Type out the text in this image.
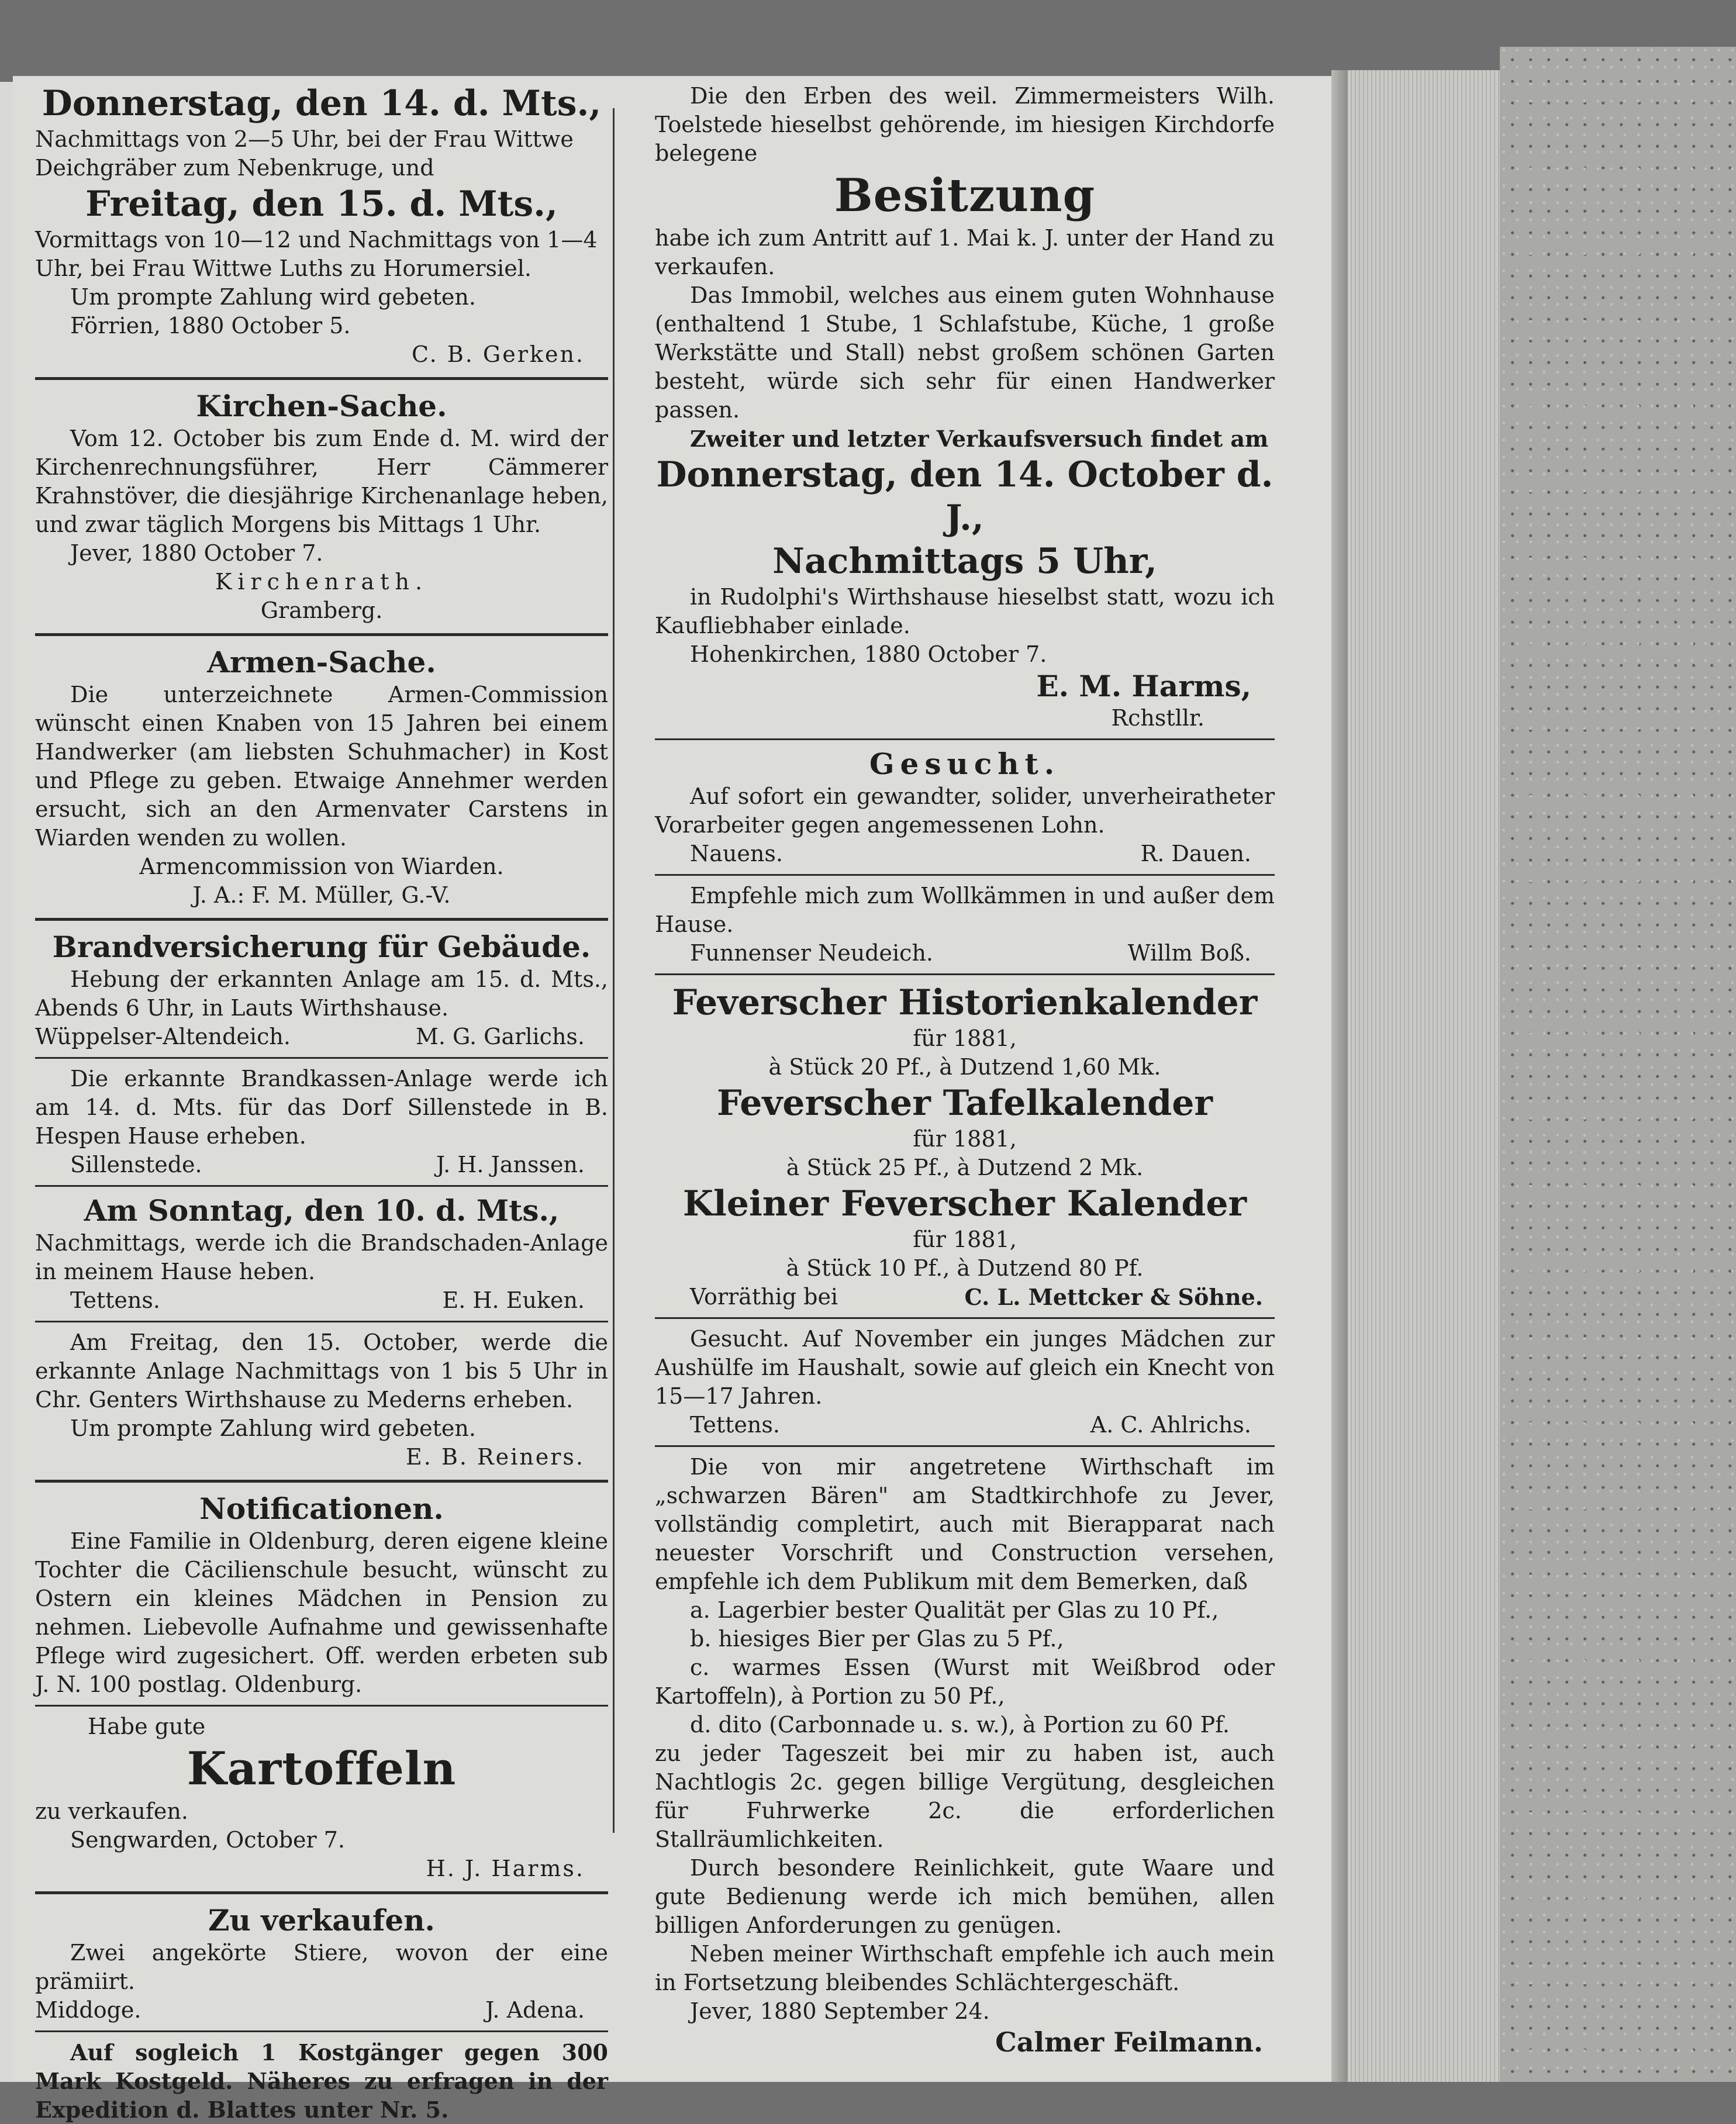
Donnerstag, den 14. d. Mts.,

Nachmittags von 2—5 Uhr, bei der Frau Wittwe

Deichgräber zum Nebenkruge, und

Freitag, den 15. d. Mts.,

Vormittags von 10—12 und Nachmittags von 1—4

Uhr, bei Frau Wittwe Luths zu Horumersiel.

Um prompte Zahlung wird gebeten.

Förrien, 1880 October 5.

C. B. Gerken.

Kirchen-Sache.

Vom 12. October bis zum Ende d. M. wird der Kirchenrechnungsführer, Herr Cämmerer Krahnstöver, die diesjährige Kirchenanlage heben, und zwar täglich Morgens bis Mittags 1 Uhr.

Jever, 1880 October 7.

Kirchenrath.

Gramberg.

Armen-Sache.

Die unterzeichnete Armen-Commission wünscht einen Knaben von 15 Jahren bei einem Handwerker (am liebsten Schuhmacher) in Kost und Pflege zu geben. Etwaige Annehmer werden ersucht, sich an den Armenvater Carstens in Wiarden wenden zu wollen.

Armencommission von Wiarden.

J. A.: F. M. Müller, G.-V.

Brandversicherung für Gebäude.

Hebung der erkannten Anlage am 15. d. Mts., Abends 6 Uhr, in Lauts Wirthshause.

Wüppelser-Altendeich.	M. G. Garlichs.

Die erkannte Brandkassen-Anlage werde ich am 14. d. Mts. für das Dorf Sillenstede in B. Hespen Hause erheben.

Sillenstede.	J. H. Janssen.

Am Sonntag, den 10. d. Mts.,

Nachmittags, werde ich die Brandschaden-Anlage in meinem Hause heben.

Tettens.	E. H. Euken.

Am Freitag, den 15. October, werde die erkannte Anlage Nachmittags von 1 bis 5 Uhr in Chr. Genters Wirthshause zu Mederns erheben.

Um prompte Zahlung wird gebeten.

E. B. Reiners.

Notificationen.

Eine Familie in Oldenburg, deren eigene kleine Tochter die Cäcilienschule besucht, wünscht zu Ostern ein kleines Mädchen in Pension zu nehmen. Liebevolle Aufnahme und gewissenhafte Pflege wird zugesichert. Off. werden erbeten sub J. N. 100 postlag. Oldenburg.

Habe gute

Kartoffeln

zu verkaufen.

Sengwarden, October 7.

H. J. Harms.

Zu verkaufen.

Zwei angekörte Stiere, wovon der eine prämiirt.

Middoge.	J. Adena.

Auf sogleich 1 Kostgänger gegen 300 Mark Kostgeld. Näheres zu erfragen in der Expedition d. Blattes unter Nr. 5.

Die den Erben des weil. Zimmermeisters Wilh. Toelstede hieselbst gehörende, im hiesigen Kirchdorfe belegene

Besitzung

habe ich zum Antritt auf 1. Mai k. J. unter der Hand zu verkaufen.

Das Immobil, welches aus einem guten Wohnhause (enthaltend 1 Stube, 1 Schlafstube, Küche, 1 große Werkstätte und Stall) nebst großem schönen Garten besteht, würde sich sehr für einen Handwerker passen.

Zweiter und letzter Verkaufsversuch findet am

Donnerstag, den 14. October d. J.,

Nachmittags 5 Uhr,

in Rudolphi's Wirthshause hieselbst statt, wozu ich Kaufliebhaber einlade.

Hohenkirchen, 1880 October 7.

E. M. Harms,

Rchstllr.

Gesucht.

Auf sofort ein gewandter, solider, unverheiratheter Vorarbeiter gegen angemessenen Lohn.

Nauens.	R. Dauen.

Empfehle mich zum Wollkämmen in und außer dem Hause.

Funnenser Neudeich.	Willm Boß.

Feverscher Historienkalender

für 1881,

à Stück 20 Pf., à Dutzend 1,60 Mk.

Feverscher Tafelkalender

für 1881,

à Stück 25 Pf., à Dutzend 2 Mk.

Kleiner Feverscher Kalender

für 1881,

à Stück 10 Pf., à Dutzend 80 Pf.

Vorräthig bei	C. L. Mettcker & Söhne.

Gesucht. Auf November ein junges Mädchen zur Aushülfe im Haushalt, sowie auf gleich ein Knecht von 15—17 Jahren.

Tettens.	A. C. Ahlrichs.

Die von mir angetretene Wirthschaft im „schwarzen Bären" am Stadtkirchhofe zu Jever, vollständig completirt, auch mit Bierapparat nach neuester Vorschrift und Construction versehen, empfehle ich dem Publikum mit dem Bemerken, daß

a. Lagerbier bester Qualität per Glas zu 10 Pf.,

b. hiesiges Bier per Glas zu 5 Pf.,

c. warmes Essen (Wurst mit Weißbrod oder Kartoffeln), à Portion zu 50 Pf.,

d. dito (Carbonnade u. s. w.), à Portion zu 60 Pf.

zu jeder Tageszeit bei mir zu haben ist, auch Nachtlogis 2c. gegen billige Vergütung, desgleichen für Fuhrwerke 2c. die erforderlichen Stallräumlichkeiten.

Durch besondere Reinlichkeit, gute Waare und gute Bedienung werde ich mich bemühen, allen billigen Anforderungen zu genügen.

Neben meiner Wirthschaft empfehle ich auch mein in Fortsetzung bleibendes Schlächtergeschäft.

Jever, 1880 September 24.

Calmer Feilmann.
